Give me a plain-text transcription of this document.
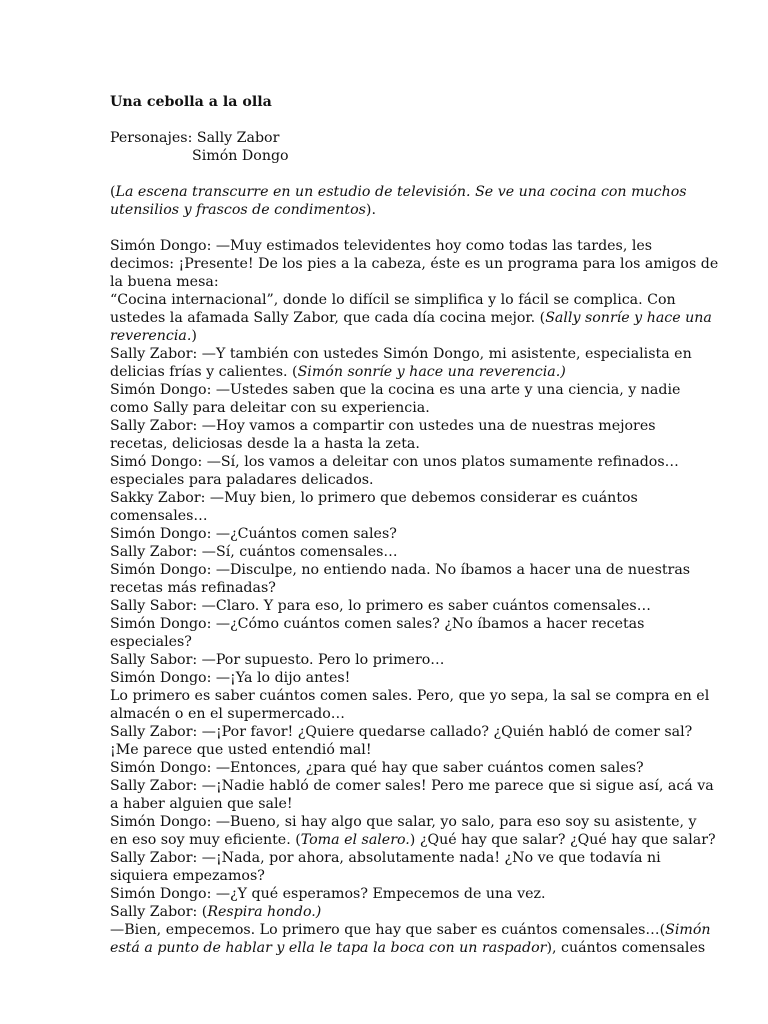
Una cebolla a la olla

Personajes: Sally Zabor

Simón Dongo

(La escena transcurre en un estudio de televisión. Se ve una cocina con muchos

utensilios y frascos de condimentos).

Simón Dongo: —Muy estimados televidentes hoy como todas las tardes, les

decimos: ¡Presente! De los pies a la cabeza, éste es un programa para los amigos de

la buena mesa:

“Cocina internacional”, donde lo difícil se simplifica y lo fácil se complica. Con

ustedes la afamada Sally Zabor, que cada día cocina mejor. (Sally sonríe y hace una

reverencia.)

Sally Zabor: —Y también con ustedes Simón Dongo, mi asistente, especialista en

delicias frías y calientes. (Simón sonríe y hace una reverencia.)

Simón Dongo: —Ustedes saben que la cocina es una arte y una ciencia, y nadie

como Sally para deleitar con su experiencia.

Sally Zabor: —Hoy vamos a compartir con ustedes una de nuestras mejores

recetas, deliciosas desde la a hasta la zeta.

Simó Dongo: —Sí, los vamos a deleitar con unos platos sumamente refinados…

especiales para paladares delicados.

Sakky Zabor: —Muy bien, lo primero que debemos considerar es cuántos

comensales…

Simón Dongo: —¿Cuántos comen sales?

Sally Zabor: —Sí, cuántos comensales…

Simón Dongo: —Disculpe, no entiendo nada. No íbamos a hacer una de nuestras

recetas más refinadas?

Sally Sabor: —Claro. Y para eso, lo primero es saber cuántos comensales…

Simón Dongo: —¿Cómo cuántos comen sales? ¿No íbamos a hacer recetas

especiales?

Sally Sabor: —Por supuesto. Pero lo primero…

Simón Dongo: —¡Ya lo dijo antes!

Lo primero es saber cuántos comen sales. Pero, que yo sepa, la sal se compra en el

almacén o en el supermercado…

Sally Zabor: —¡Por favor! ¿Quiere quedarse callado? ¿Quién habló de comer sal?

¡Me parece que usted entendió mal!

Simón Dongo: —Entonces, ¿para qué hay que saber cuántos comen sales?

Sally Zabor: —¡Nadie habló de comer sales! Pero me parece que si sigue así, acá va

a haber alguien que sale!

Simón Dongo: —Bueno, si hay algo que salar, yo salo, para eso soy su asistente, y

en eso soy muy eficiente. (Toma el salero.) ¿Qué hay que salar? ¿Qué hay que salar?

Sally Zabor: —¡Nada, por ahora, absolutamente nada! ¿No ve que todavía ni

siquiera empezamos?

Simón Dongo: —¿Y qué esperamos? Empecemos de una vez.

Sally Zabor: (Respira hondo.)

—Bien, empecemos. Lo primero que hay que saber es cuántos comensales…(Simón

está a punto de hablar y ella le tapa la boca con un raspador), cuántos comensales
